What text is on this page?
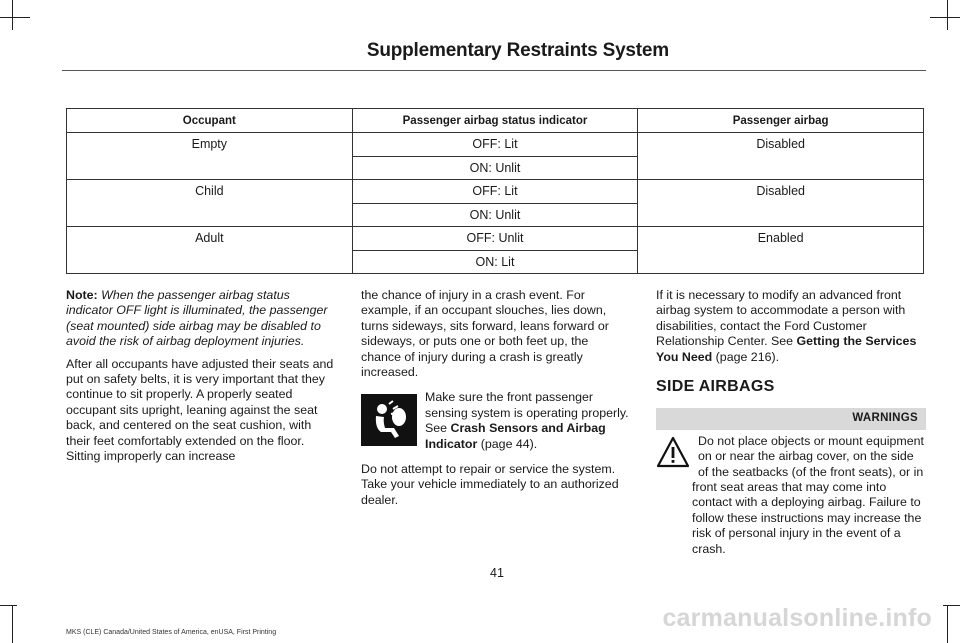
Supplementary Restraints System
Occupant	Passenger airbag status indicator	Passenger airbag
Empty	OFF: Lit	Disabled
	ON: Unlit	
Child	OFF: Lit	Disabled
	ON: Unlit	
Adult	OFF: Unlit	Enabled
	ON: Lit	

Note: When the passenger airbag status indicator OFF light is illuminated, the passenger (seat mounted) side airbag may be disabled to avoid the risk of airbag deployment injuries.

After all occupants have adjusted their seats and put on safety belts, it is very important that they continue to sit properly. A properly seated occupant sits upright, leaning against the seat back, and centered on the seat cushion, with their feet comfortably extended on the floor. Sitting improperly can increase

the chance of injury in a crash event. For example, if an occupant slouches, lies down, turns sideways, sits forward, leans forward or sideways, or puts one or both feet up, the chance of injury during a crash is greatly increased.

Make sure the front passenger sensing system is operating properly. See Crash Sensors and Airbag Indicator (page 44).

Do not attempt to repair or service the system. Take your vehicle immediately to an authorized dealer.

If it is necessary to modify an advanced front airbag system to accommodate a person with disabilities, contact the Ford Customer Relationship Center. See Getting the Services You Need (page 216).

SIDE AIRBAGS
WARNINGS

Do not place objects or mount equipment on or near the airbag cover, on the side of the seatbacks (of the front seats), or in front seat areas that may come into contact with a deploying airbag. Failure to follow these instructions may increase the risk of personal injury in the event of a crash.

41
MKS (CLE) Canada/United States of America, enUSA, First Printing
carmanualsonline.info
